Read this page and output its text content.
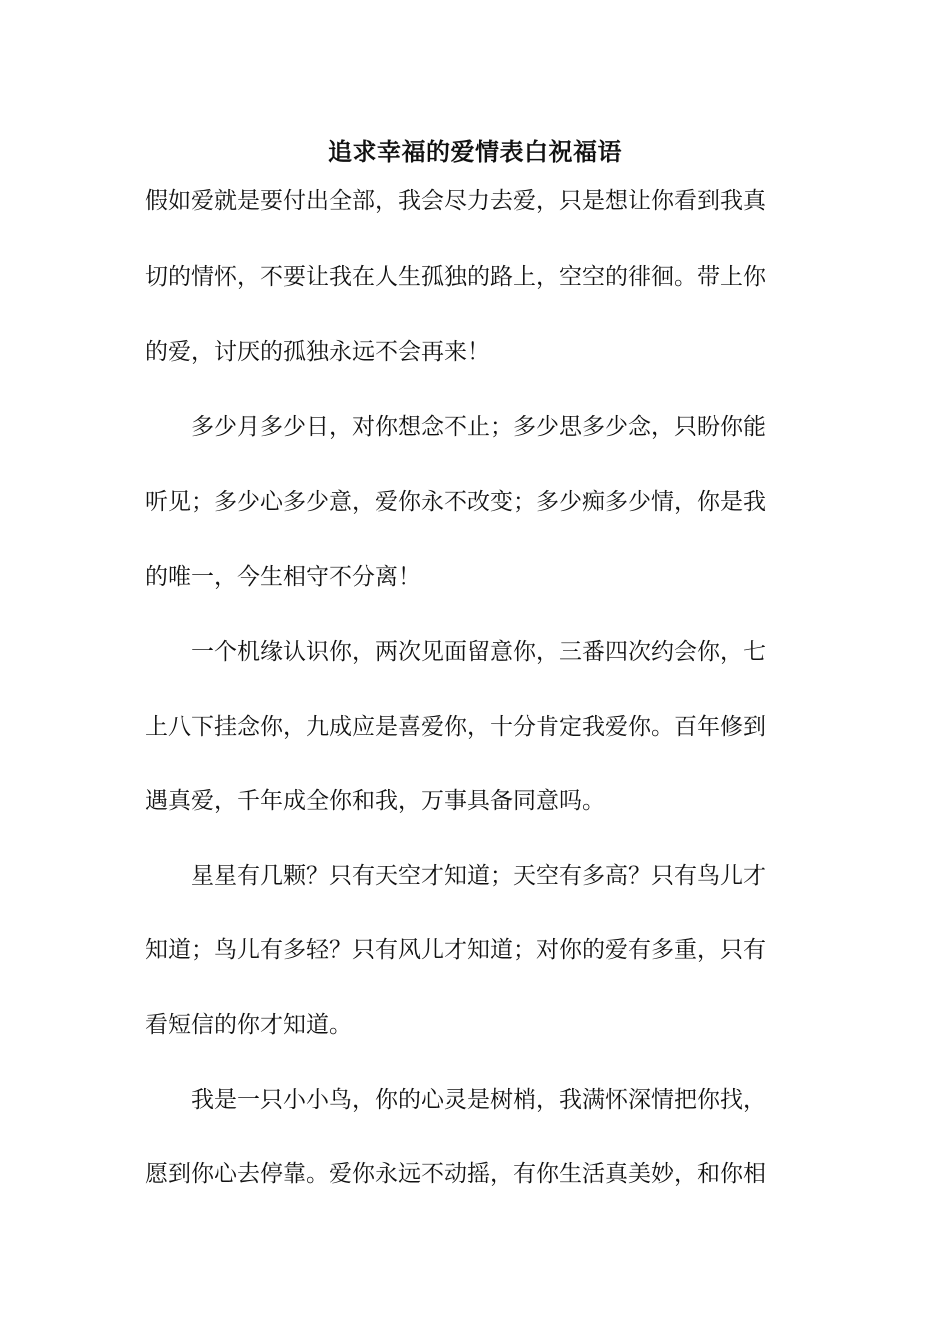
追求幸福的爱情表白祝福语
假如爱就是要付出全部，我会尽力去爱，只是想让你看到我真
切的情怀，不要让我在人生孤独的路上，空空的徘徊。带上你
的爱，讨厌的孤独永远不会再来！
　　多少月多少日，对你想念不止；多少思多少念，只盼你能
听见；多少心多少意，爱你永不改变；多少痴多少情，你是我
的唯一，今生相守不分离！
　　一个机缘认识你，两次见面留意你，三番四次约会你，七
上八下挂念你，九成应是喜爱你，十分肯定我爱你。百年修到
遇真爱，千年成全你和我，万事具备同意吗。
　　星星有几颗？只有天空才知道；天空有多高？只有鸟儿才
知道；鸟儿有多轻？只有风儿才知道；对你的爱有多重，只有
看短信的你才知道。
　　我是一只小小鸟，你的心灵是树梢，我满怀深情把你找，
愿到你心去停靠。爱你永远不动摇，有你生活真美妙，和你相
